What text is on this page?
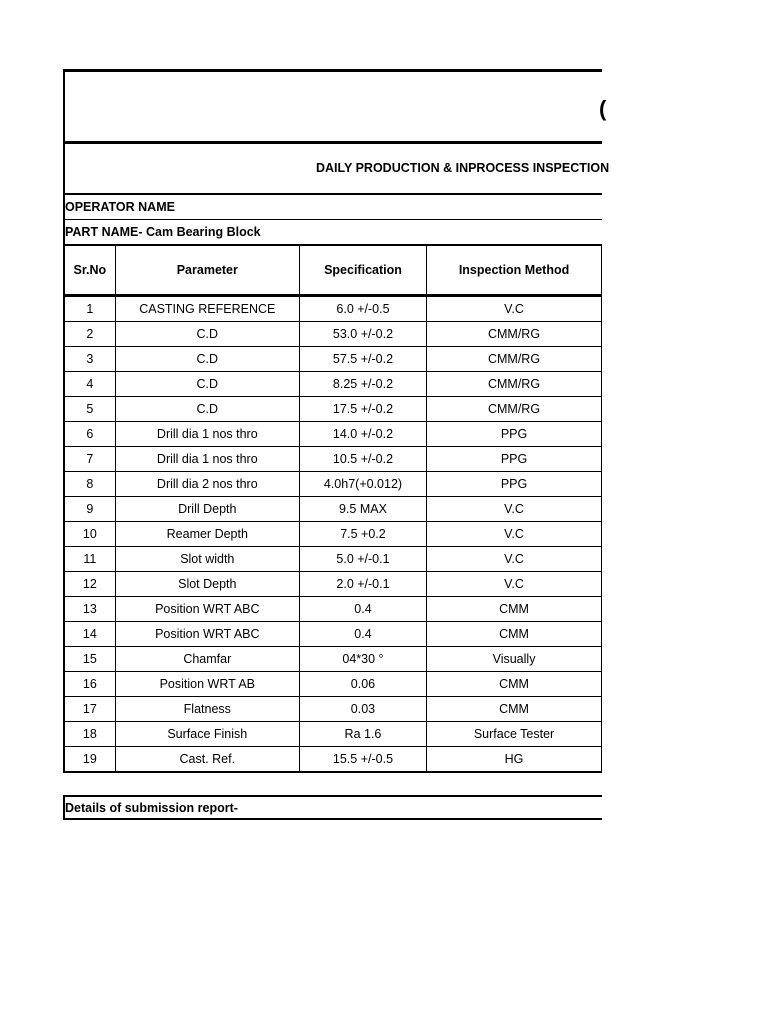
(
DAILY PRODUCTION & INPROCESS INSPECTION
OPERATOR NAME
PART NAME- Cam Bearing Block
Sr.No	Parameter	Specification	Inspection Method
1	CASTING REFERENCE	6.0 +/-0.5	V.C
2	C.D	53.0 +/-0.2	CMM/RG
3	C.D	57.5 +/-0.2	CMM/RG
4	C.D	8.25 +/-0.2	CMM/RG
5	C.D	17.5 +/-0.2	CMM/RG
6	Drill dia 1 nos thro	14.0 +/-0.2	PPG
7	Drill dia 1 nos thro	10.5 +/-0.2	PPG
8	Drill dia 2 nos thro	4.0h7(+0.012)	PPG
9	Drill Depth	9.5 MAX	V.C
10	Reamer Depth	7.5 +0.2	V.C
11	Slot width	5.0 +/-0.1	V.C
12	Slot Depth	2.0 +/-0.1	V.C
13	Position WRT ABC	0.4	CMM
14	Position WRT ABC	0.4	CMM
15	Chamfar	04*30 °	Visually
16	Position WRT AB	0.06	CMM
17	Flatness	0.03	CMM
18	Surface Finish	Ra 1.6	Surface Tester
19	Cast. Ref.	15.5 +/-0.5	HG
Details of submission report-
